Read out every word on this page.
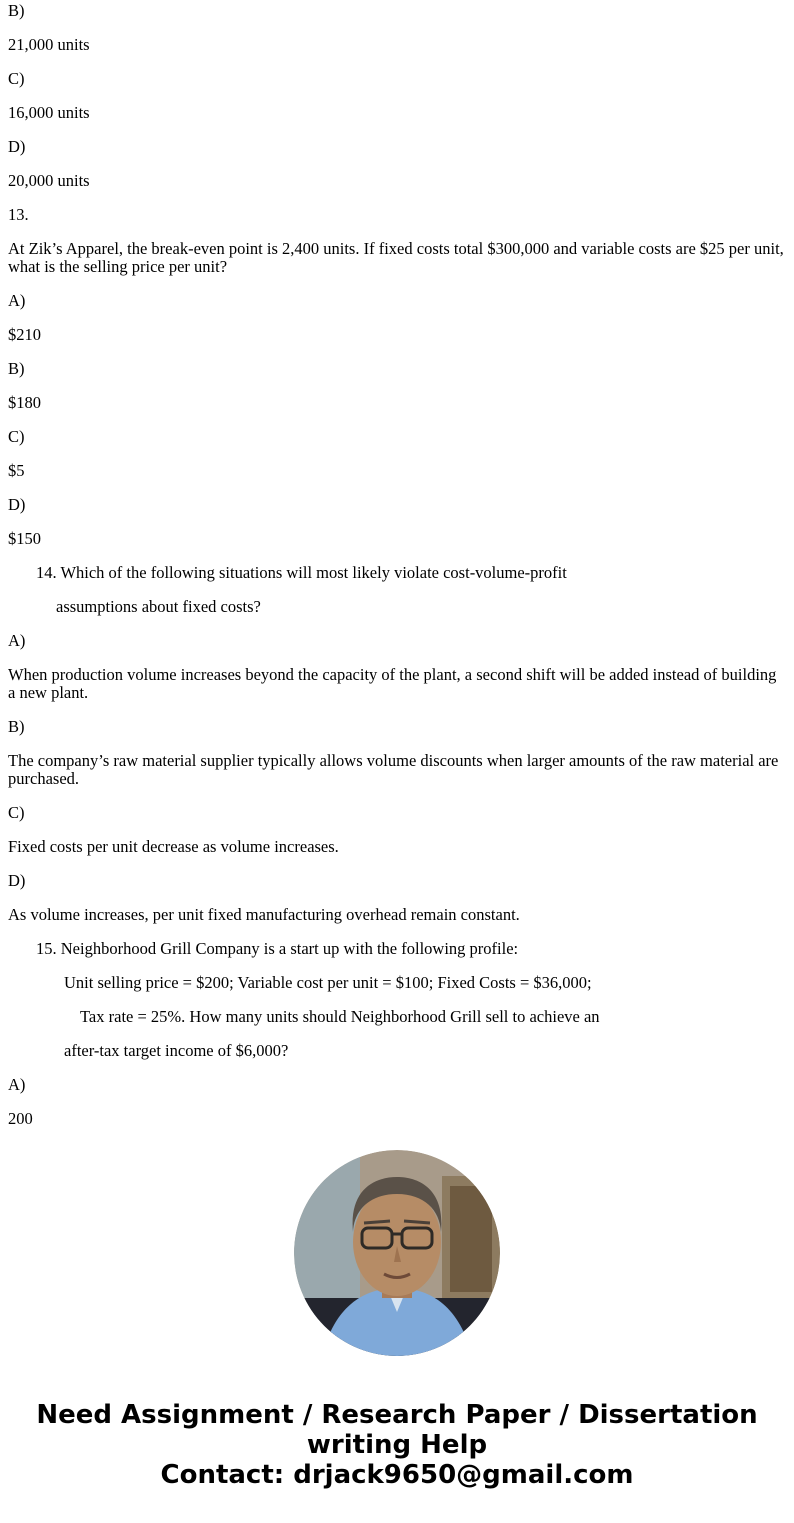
B)

21,000 units

C)

16,000 units

D)

20,000 units

13.

At Zik’s Apparel, the break-even point is 2,400 units. If fixed costs total $300,000 and variable costs are $25 per unit, what is the selling price per unit?

A)

$210

B)

$180

C)

$5

D)

$150

14. Which of the following situations will most likely violate cost-volume-profit

assumptions about fixed costs?

A)

When production volume increases beyond the capacity of the plant, a second shift will be added instead of building a new plant.

B)

The company’s raw material supplier typically allows volume discounts when larger amounts of the raw material are purchased.

C)

Fixed costs per unit decrease as volume increases.

D)

As volume increases, per unit fixed manufacturing overhead remain constant.

15. Neighborhood Grill Company is a start up with the following profile:

Unit selling price = $200; Variable cost per unit = $100; Fixed Costs = $36,000;

Tax rate = 25%. How many units should Neighborhood Grill sell to achieve an

after-tax target income of $6,000?

A)

200

Need Assignment / Research Paper / Dissertation
writing Help
Contact: drjack9650@gmail.com
